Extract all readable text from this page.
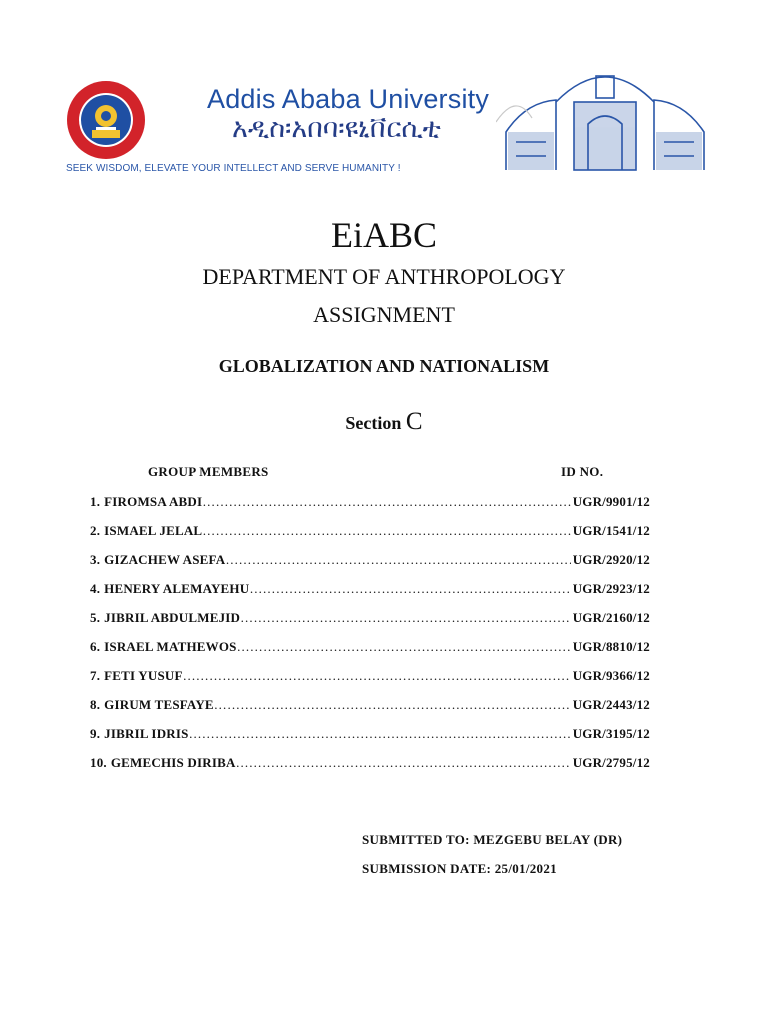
Addis Ababa University
አዲስ፡አበባ፡ዩኒቨርሲቲ
SEEK WISDOM, ELEVATE YOUR INTELLECT AND SERVE HUMANITY !
EiABC
DEPARTMENT OF ANTHROPOLOGY
ASSIGNMENT
GLOBALIZATION AND NATIONALISM
Section C
GROUP MEMBERS	ID NO.
1. FIROMSA ABDI …………………………………………………………………………………………………………	UGR/9901/12
2. ISMAEL JELAL …………………………………………………………………………………………………………	UGR/1541/12
3. GIZACHEW ASEFA …………………………………………………………………………………………………………	UGR/2920/12
4. HENERY ALEMAYEHU …………………………………………………………………………………………………………	UGR/2923/12
5. JIBRIL ABDULMEJID …………………………………………………………………………………………………………	UGR/2160/12
6. ISRAEL MATHEWOS …………………………………………………………………………………………………………	UGR/8810/12
7. FETI YUSUF …………………………………………………………………………………………………………	UGR/9366/12
8. GIRUM TESFAYE …………………………………………………………………………………………………………	UGR/2443/12
9. JIBRIL IDRIS …………………………………………………………………………………………………………	UGR/3195/12
10. GEMECHIS DIRIBA …………………………………………………………………………………………………………	UGR/2795/12
SUBMITTED TO: MEZGEBU BELAY (DR)
SUBMISSION DATE: 25/01/2021
